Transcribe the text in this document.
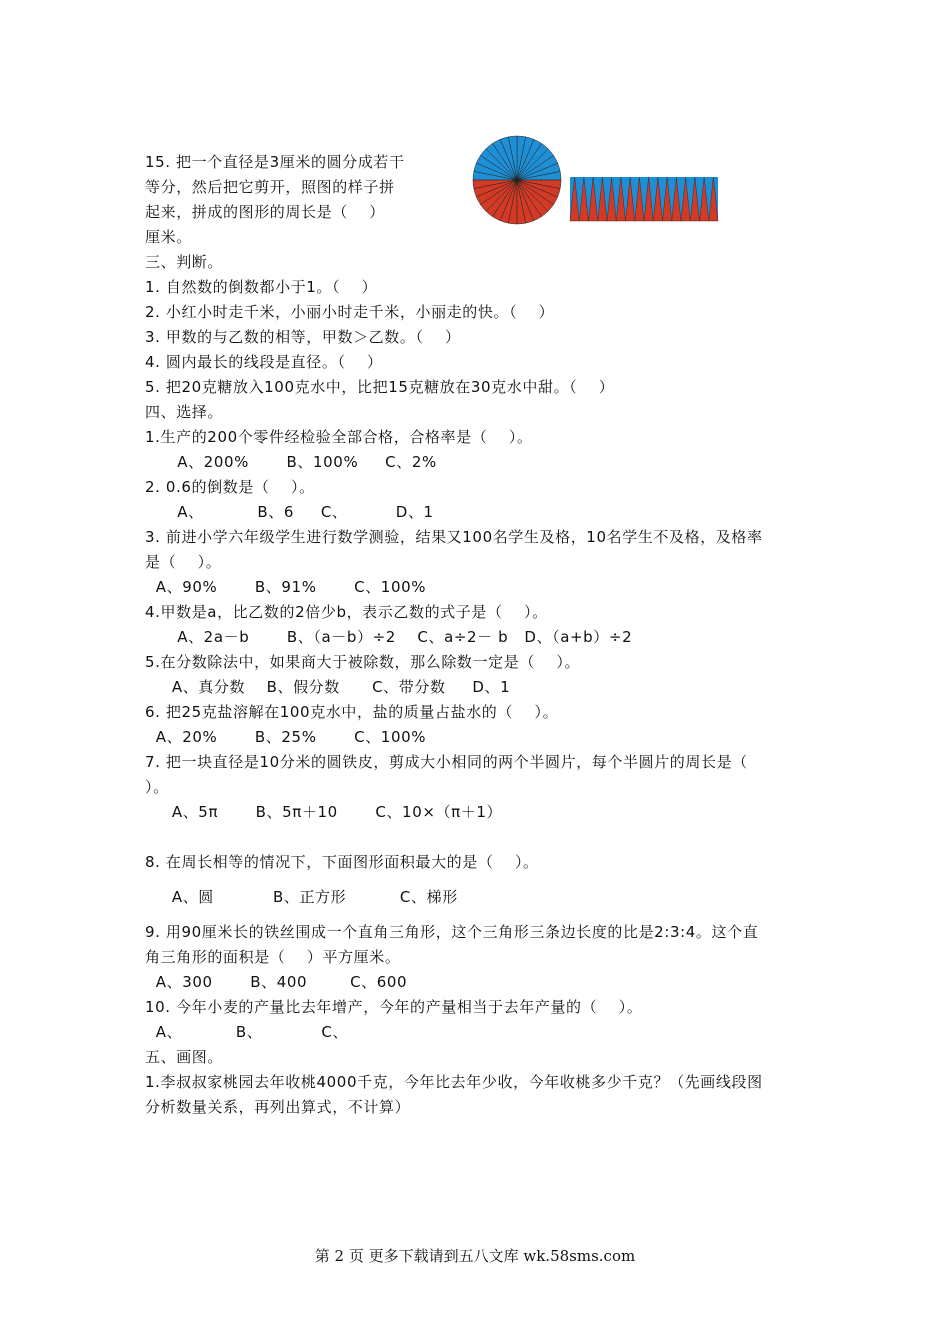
15. 把一个直径是3厘米的圆分成若干
等分，然后把它剪开，照图的样子拼
起来，拼成的图形的周长是（    ）
厘米。
三、判断。
1. 自然数的倒数都小于1。（    ）
2. 小红小时走千米，小丽小时走千米，小丽走的快。（    ）
3. 甲数的与乙数的相等，甲数＞乙数。（    ）
4. 圆内最长的线段是直径。（    ）
5. 把20克糖放入100克水中，比把15克糖放在30克水中甜。（    ）
四、选择。
1.生产的200个零件经检验全部合格，合格率是（    ）。
A、200%       B、100%     C、2%
2. 0.6的倒数是（    ）。
A、          B、6     C、         D、1
3. 前进小学六年级学生进行数学测验，结果又100名学生及格，10名学生不及格，及格率
是（    ）。
A、90%       B、91%       C、100%
4.甲数是a，比乙数的2倍少b，表示乙数的式子是（    ）。
A、2a－b       B、（a－b）÷2    C、a÷2－ b   D、（a+b）÷2
5.在分数除法中，如果商大于被除数，那么除数一定是（    ）。
A、真分数    B、假分数      C、带分数     D、1
6. 把25克盐溶解在100克水中，盐的质量占盐水的（    ）。
A、20%       B、25%       C、100%
7. 把一块直径是10分米的圆铁皮，剪成大小相同的两个半圆片，每个半圆片的周长是（
）。
A、5π       B、5π＋10       C、10×（π＋1）
8. 在周长相等的情况下，下面图形面积最大的是（    ）。
A、圆           B、正方形          C、梯形
9. 用90厘米长的铁丝围成一个直角三角形，这个三角形三条边长度的比是2:3:4。这个直
角三角形的面积是（    ）平方厘米。
A、300       B、400        C、600
10. 今年小麦的产量比去年增产，今年的产量相当于去年产量的（    ）。
A、          B、           C、
五、画图。
1.李叔叔家桃园去年收桃4000千克，今年比去年少收，今年收桃多少千克？（先画线段图
分析数量关系，再列出算式，不计算）
第 2 页 更多下载请到五八文库 wk.58sms.com
